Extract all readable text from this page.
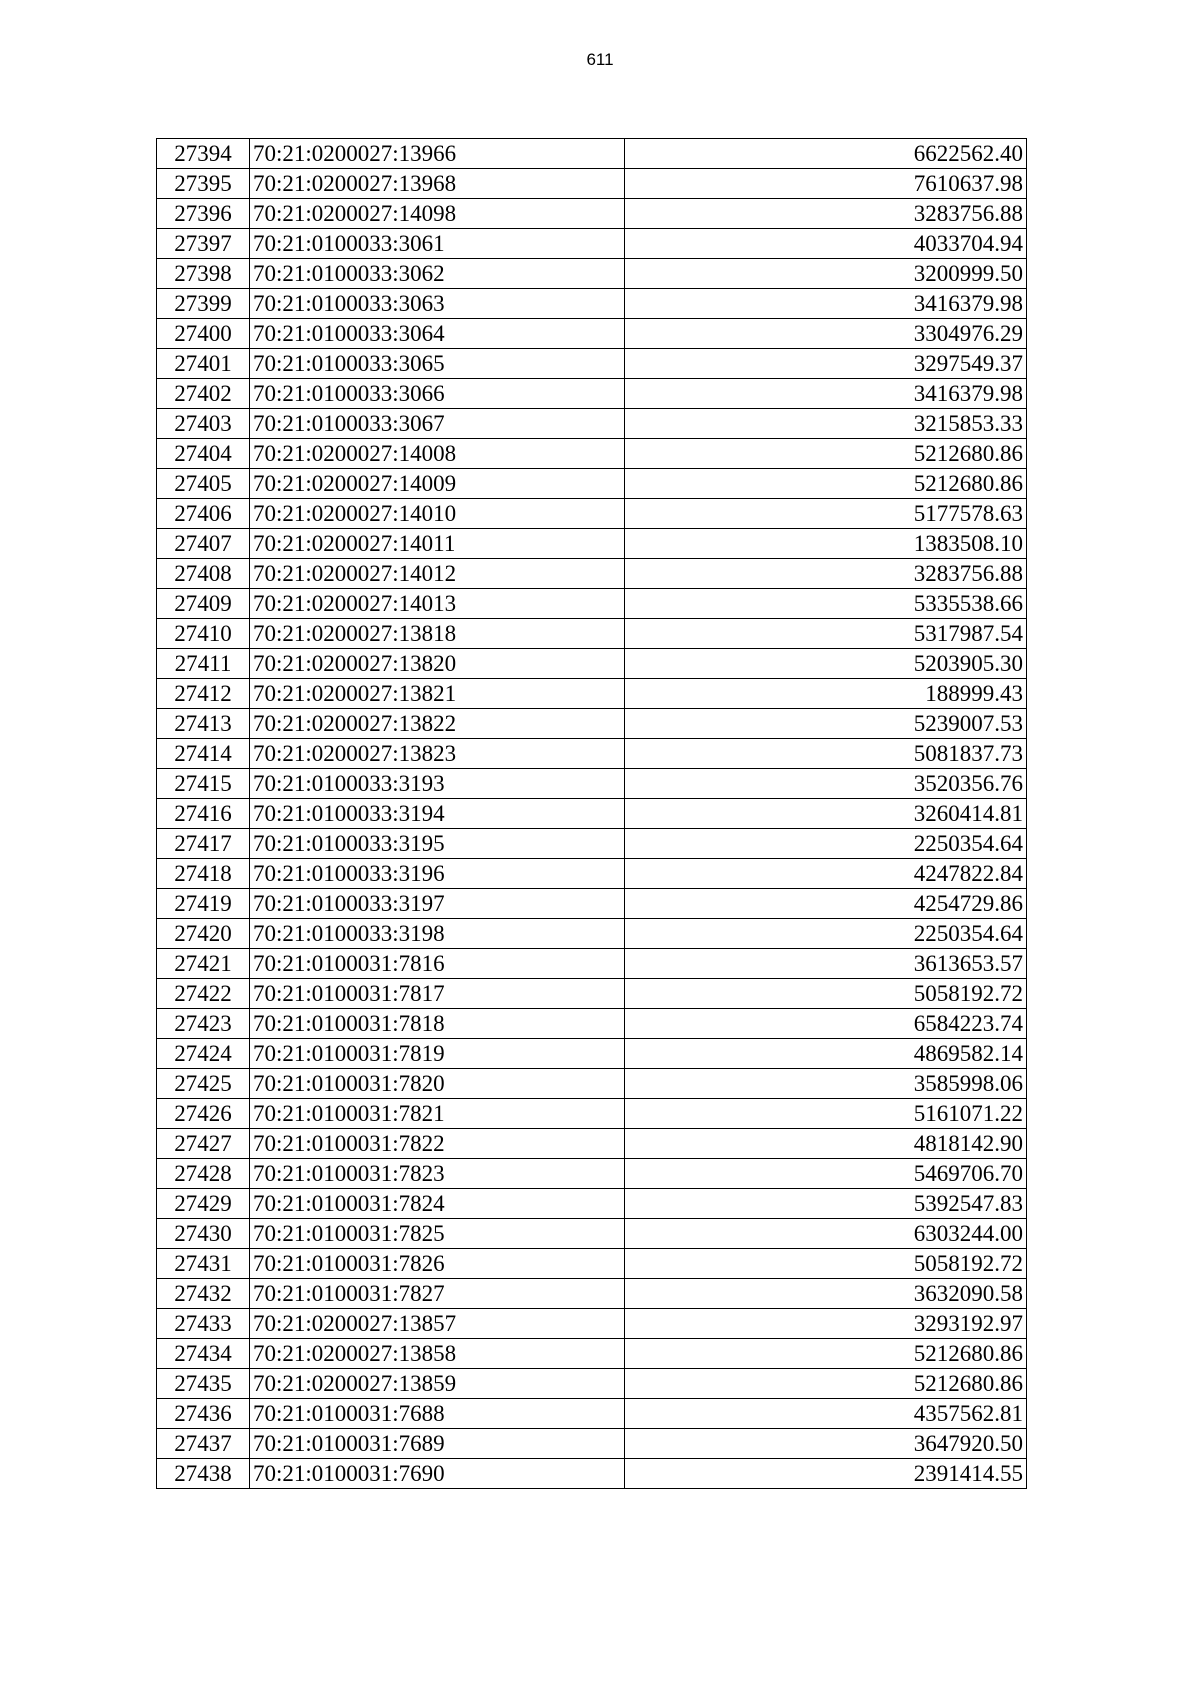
611
27394	70:21:0200027:13966	6622562.40
27395	70:21:0200027:13968	7610637.98
27396	70:21:0200027:14098	3283756.88
27397	70:21:0100033:3061	4033704.94
27398	70:21:0100033:3062	3200999.50
27399	70:21:0100033:3063	3416379.98
27400	70:21:0100033:3064	3304976.29
27401	70:21:0100033:3065	3297549.37
27402	70:21:0100033:3066	3416379.98
27403	70:21:0100033:3067	3215853.33
27404	70:21:0200027:14008	5212680.86
27405	70:21:0200027:14009	5212680.86
27406	70:21:0200027:14010	5177578.63
27407	70:21:0200027:14011	1383508.10
27408	70:21:0200027:14012	3283756.88
27409	70:21:0200027:14013	5335538.66
27410	70:21:0200027:13818	5317987.54
27411	70:21:0200027:13820	5203905.30
27412	70:21:0200027:13821	188999.43
27413	70:21:0200027:13822	5239007.53
27414	70:21:0200027:13823	5081837.73
27415	70:21:0100033:3193	3520356.76
27416	70:21:0100033:3194	3260414.81
27417	70:21:0100033:3195	2250354.64
27418	70:21:0100033:3196	4247822.84
27419	70:21:0100033:3197	4254729.86
27420	70:21:0100033:3198	2250354.64
27421	70:21:0100031:7816	3613653.57
27422	70:21:0100031:7817	5058192.72
27423	70:21:0100031:7818	6584223.74
27424	70:21:0100031:7819	4869582.14
27425	70:21:0100031:7820	3585998.06
27426	70:21:0100031:7821	5161071.22
27427	70:21:0100031:7822	4818142.90
27428	70:21:0100031:7823	5469706.70
27429	70:21:0100031:7824	5392547.83
27430	70:21:0100031:7825	6303244.00
27431	70:21:0100031:7826	5058192.72
27432	70:21:0100031:7827	3632090.58
27433	70:21:0200027:13857	3293192.97
27434	70:21:0200027:13858	5212680.86
27435	70:21:0200027:13859	5212680.86
27436	70:21:0100031:7688	4357562.81
27437	70:21:0100031:7689	3647920.50
27438	70:21:0100031:7690	2391414.55
